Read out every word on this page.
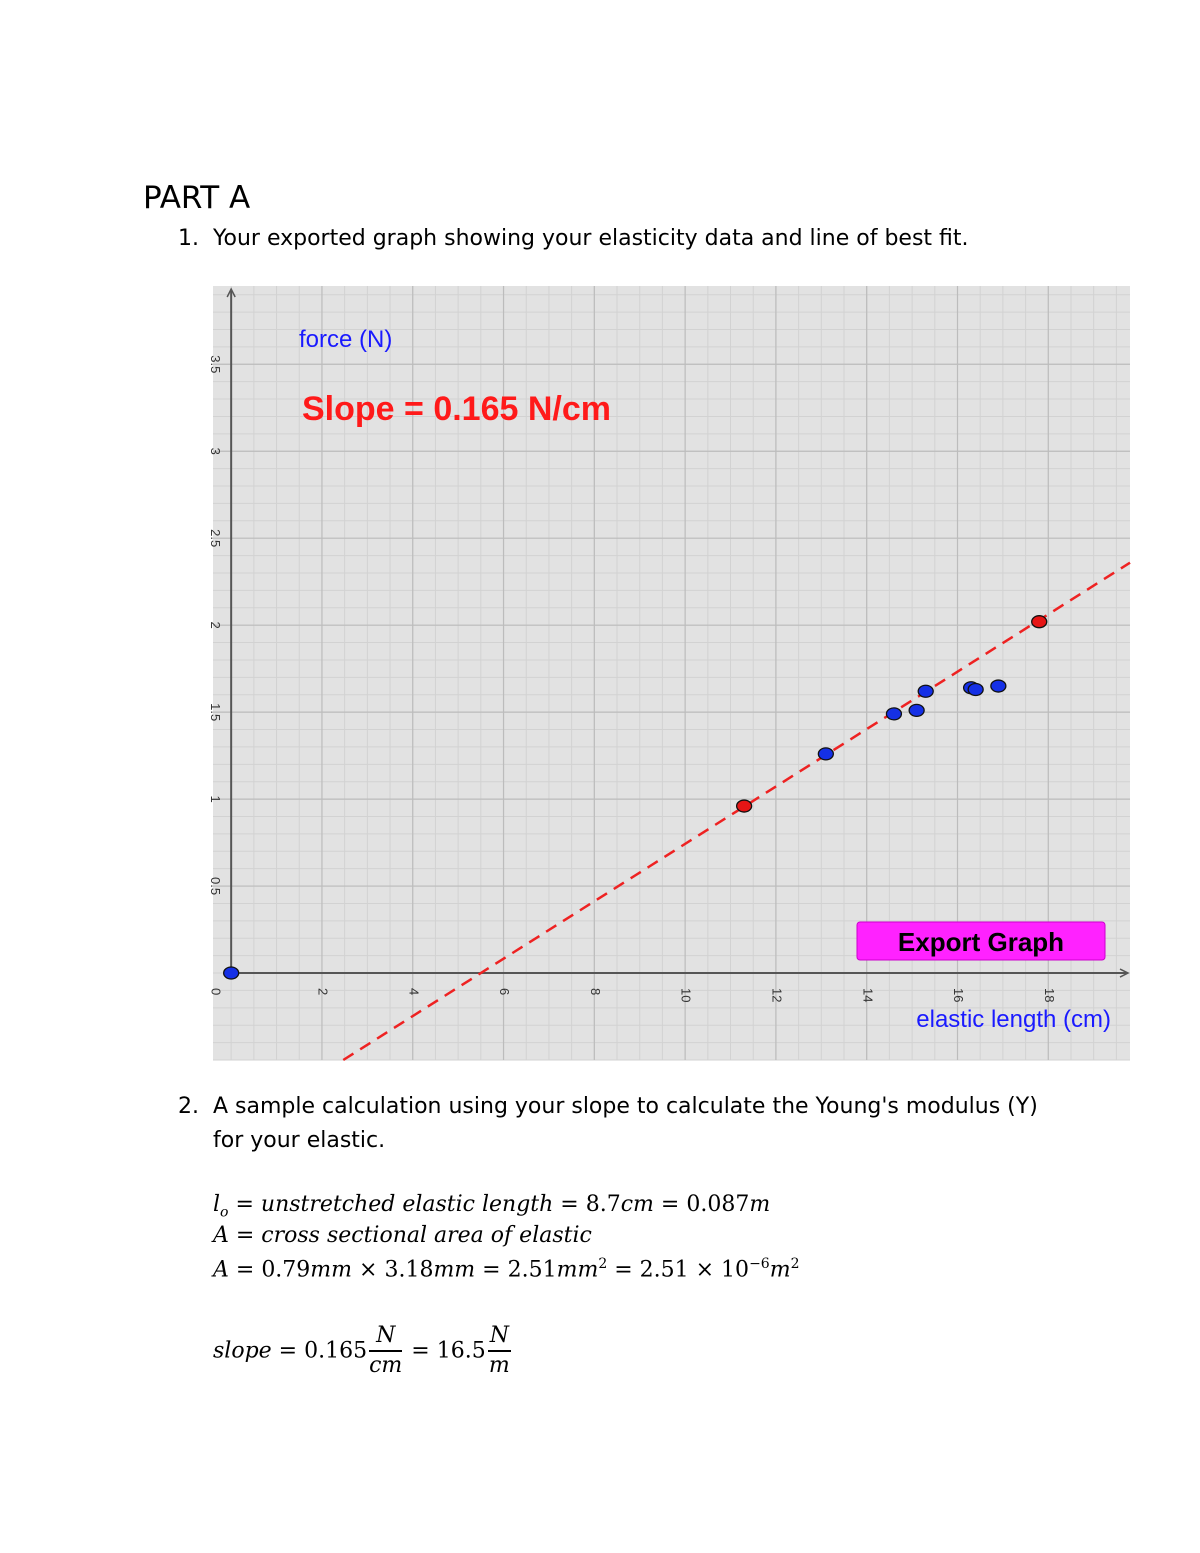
PART A
1. Your exported graph showing your elasticity data and line of best fit.
2	4	6	8	10	12	14	16	18
0
0.5
1
1.5
2
2.5
3
3.5
force (N)
Slope = 0.165 N/cm
Export Graph
elastic length (cm)
2. A sample calculation using your slope to calculate the Young's modulus (Y)
for your elastic.
$l_o$ = unstretched elastic length = 8.7cm = 0.087m
A = cross sectional area of elastic
$A = 0.79mm \times 3.18mm = 2.51mm^2 = 2.51 \times 10^{-6}m^2$
slope = $0.165 \frac{N}{cm} = 16.5 \frac{N}{m}$
